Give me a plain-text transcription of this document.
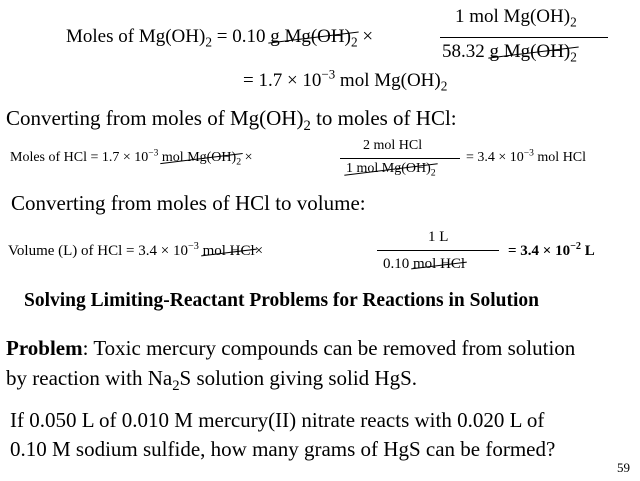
Moles of $Mg(OH)_2 = 0.10$ g $Mg(OH)_2$ ×
1 mol $Mg(OH)_2$
58.32 g $Mg(OH)_2$
= $1.7 \times 10^{-3}$ mol $Mg(OH)_2$
Converting from moles of $Mg(OH)_2$ to moles of HCl:
Moles of HCl = $1.7 \times 10^{-3}$ mol $Mg(OH)_2$ ×
2 mol HCl
1 mol $Mg(OH)_2$
= $3.4 \times 10^{-3}$ mol HCl
Converting from moles of HCl to volume:
Volume (L) of HCl = $3.4 \times 10^{-3}$ mol HCl×
1 L
0.10 mol HCl
= $3.4 \times 10^{-2}$ L
Solving Limiting-Reactant Problems for Reactions in Solution
Problem: Toxic mercury compounds can be removed from solution
by reaction with $Na_2S$ solution giving solid HgS.
If 0.050 L of 0.010 M mercury(II) nitrate reacts with 0.020 L of
0.10 M sodium sulfide, how many grams of HgS can be formed?
59
